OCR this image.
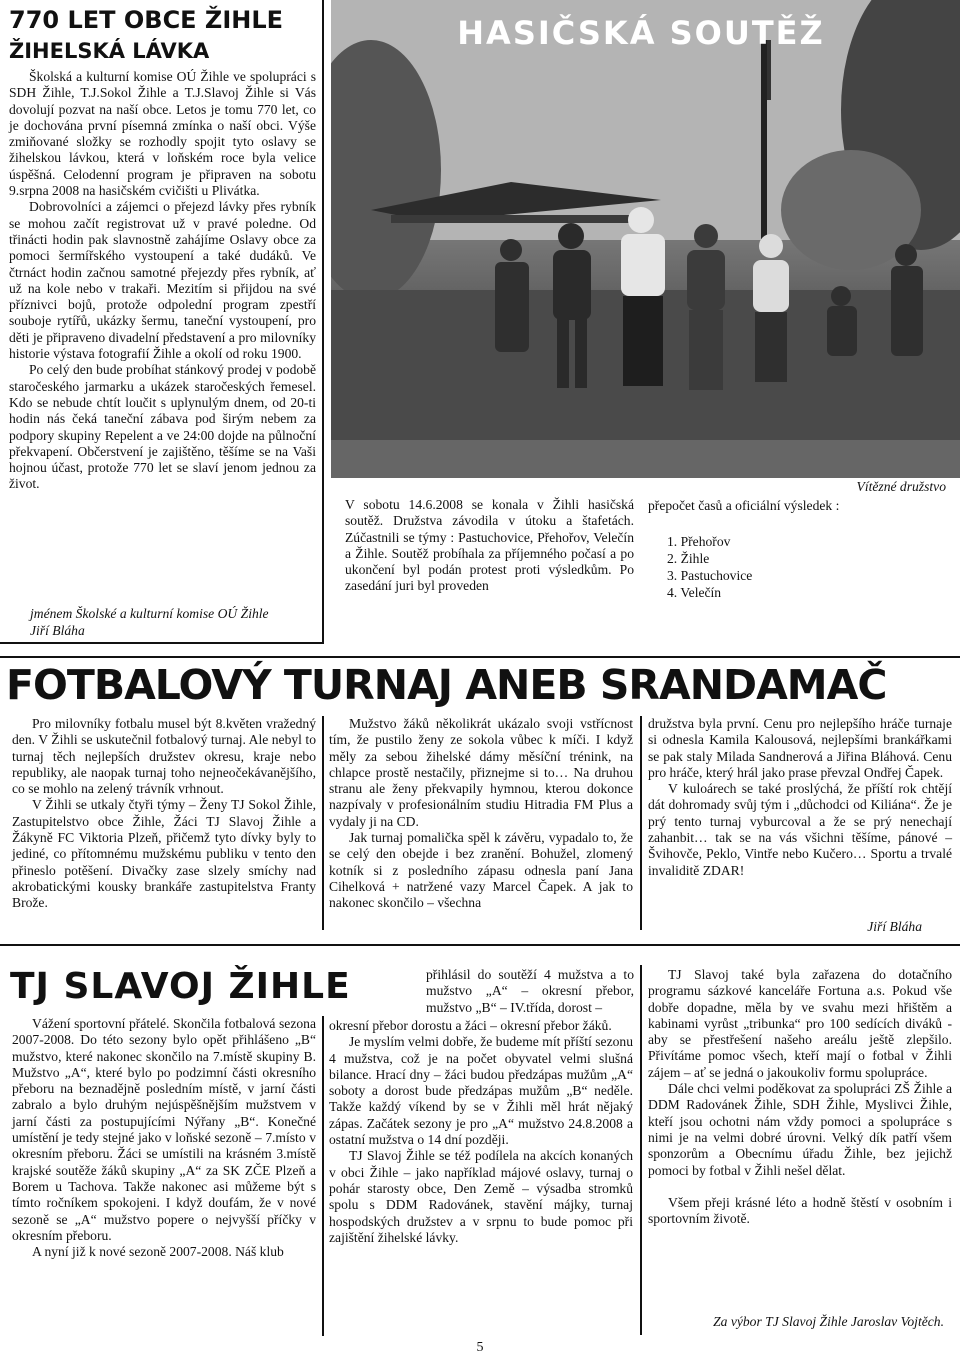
770 LET OBCE ŽIHLE
ŽIHELSKÁ LÁVKA

Školská a kulturní komise OÚ Žihle ve spolupráci s SDH Žihle, T.J.Sokol Žihle a T.J.Slavoj Žihle si Vás dovolují pozvat na naší obce. Letos je tomu 770 let, co je dochována první písemná zmínka o naší obci. Výše zmiňované složky se rozhodly spojit tyto oslavy se žihelskou lávkou, která v loňském roce byla velice úspěšná. Celodenní program je připraven na sobotu 9.srpna 2008 na hasičském cvičišti u Plivátka.

Dobrovolníci a zájemci o přejezd lávky přes rybník se mohou začít registrovat už v pravé poledne. Od třinácti hodin pak slavnostně zahájíme Oslavy obce za pomoci šermířského vystoupení a také dudáků. Ve čtrnáct hodin začnou samotné přejezdy přes rybník, ať už na kole nebo v trakaři. Mezitím si přijdou na své příznivci bojů, protože odpolední program zpestří souboje rytířů, ukázky šermu, taneční vystoupení, pro děti je připraveno divadelní představení a pro milovníky historie výstava fotografií Žihle a okolí od roku 1900.

Po celý den bude probíhat stánkový prodej v podobě staročeského jarmarku a ukázek staročeských řemesel. Kdo se nebude chtít loučit s uplynulým dnem, od 20-ti hodin nás čeká taneční zábava pod širým nebem za podpory skupiny Repelent a ve 24:00 dojde na půlnoční překvapení. Občerstvení je zajištěno, těšíme se na Vaši hojnou účast, protože 770 let se slaví jenom jednou za život.

jménem Školské a kulturní komise OÚ Žihle
Jiří Bláha
HASIČSKÁ SOUTĚŽ
Vítězné družstvo

V sobotu 14.6.2008 se konala v Žihli hasičská soutěž. Družstva závodila v útoku a štafetách. Zúčastnili se týmy : Pastuchovice, Přehořov, Velečín a Žihle. Soutěž probíhala za příjemného počasí a po ukončení byl podán protest proti výsledkům. Po zasedání juri byl proveden

přepočet časů a oficiální výsledek :
1. Přehořov
2. Žihle
3. Pastuchovice
4. Velečín
FOTBALOVÝ TURNAJ ANEB SRANDAMAČ

Pro milovníky fotbalu musel být 8.květen vražedný den. V Žihli se uskutečnil fotbalový turnaj. Ale nebyl to turnaj těch nejlepších družstev okresu, kraje nebo republiky, ale naopak turnaj toho nejneočekávanějšího, co se mohlo na zelený trávník vrhnout.

V Žihli se utkaly čtyři týmy – Ženy TJ Sokol Žihle, Zastupitelstvo obce Žihle, Žáci TJ Slavoj Žihle a Žákyně FC Viktoria Plzeň, přičemž tyto dívky byly to jediné, co přítomnému mužskému publiku v tento den přineslo potěšení. Divačky zase slzely smíchy nad akrobatickými kousky brankáře zastupitelstva Franty Brože.

Mužstvo žáků několikrát ukázalo svoji vstřícnost tím, že pustilo ženy ze sokola vůbec k míči. I když měly za sebou žihelské dámy měsíční trénink, na chlapce prostě nestačily, přiznejme si to… Na druhou stranu ale ženy překvapily hymnou, kterou dokonce nazpívaly v profesionálním studiu Hitradia FM Plus a vydaly ji na CD.

Jak turnaj pomalička spěl k závěru, vypadalo to, že se celý den obejde i bez zranění. Bohužel, zlomený kotník si z posledního zápasu odnesla paní Jana Cihelková + natržené vazy Marcel Čapek. A jak to nakonec skončilo – všechna

družstva byla první. Cenu pro nejlepšího hráče turnaje si odnesla Kamila Kalousová, nejlepšími brankářkami se pak staly Milada Sandnerová a Jiřina Bláhová. Cenu pro hráče, který hrál jako prase převzal Ondřej Čapek.

V kuloárech se také proslýchá, že příští rok chtějí dát dohromady svůj tým i „důchodci od Kiliána“. Že je prý tento turnaj vyburcoval a že se prý nenechají zahanbit… tak se na vás všichni těšíme, pánové – Švihovče, Peklo, Vintře nebo Kučero… Sportu a trvalé invaliditě ZDAR!

Jiří Bláha
TJ SLAVOJ ŽIHLE

Vážení sportovní přátelé. Skončila fotbalová sezona 2007-2008. Do této sezony bylo opět přihlášeno „B“ mužstvo, které nakonec skončilo na 7.místě skupiny B. Mužstvo „A“, které bylo po podzimní části okresního přeboru na beznadějně posledním místě, v jarní části zabralo a bylo druhým nejúspěšnějším mužstvem v jarní části za postupujícími Nýřany „B“. Konečné umístění je tedy stejné jako v loňské sezoně – 7.místo v okresním přeboru. Žáci se umístili na krásném 3.místě krajské soutěže žáků skupiny „A“ za SK ZČE Plzeň a Borem u Tachova. Takže nakonec asi můžeme být s tímto ročníkem spokojeni. I když doufám, že v nové sezoně se „A“ mužstvo popere o nejvyšší příčky v okresním přeboru.

A nyní již k nové sezoně 2007-2008. Náš klub

přihlásil do soutěží 4 mužstva a to mužstvo „A“ – okresní přebor, mužstvo „B“ – IV.třída, dorost –

okresní přebor dorostu a žáci – okresní přebor žáků.

Je myslím velmi dobře, že budeme mít příští sezonu 4 mužstva, což je na počet obyvatel velmi slušná bilance. Hrací dny – žáci budou předzápas mužům „A“ soboty a dorost bude předzápas mužům „B“ neděle. Takže každý víkend by se v Žihli měl hrát nějaký zápas. Začátek sezony je pro „A“ mužstvo 24.8.2008 a ostatní mužstva o 14 dní později.

TJ Slavoj Žihle se též podílela na akcích konaných v obci Žihle – jako například májové oslavy, turnaj o pohár starosty obce, Den Země – výsadba stromků spolu s DDM Radovánek, stavění májky, turnaj hospodských družstev a v srpnu to bude pomoc při zajištění žihelské lávky.

TJ Slavoj také byla zařazena do dotačního programu sázkové kanceláře Fortuna a.s. Pokud vše dobře dopadne, měla by ve svahu mezi hřištěm a kabinami vyrůst „tribunka“ pro 100 sedících diváků - aby se přestřešení našeho areálu ještě zlepšilo. Přivítáme pomoc všech, kteří mají o fotbal v Žihli zájem – ať se jedná o jakoukoliv formu spolupráce.

Dále chci velmi poděkovat za spolupráci ZŠ Žihle a DDM Radovánek Žihle, SDH Žihle, Myslivci Žihle, kteří jsou ochotni nám vždy pomoci a spolupráce s nimi je na velmi dobré úrovni. Velký dík patří všem sponzorům a Obecnímu úřadu Žihle, bez jejichž pomoci by fotbal v Žihli nešel dělat.

Všem přeji krásné léto a hodně štěstí v osobním i sportovním životě.

Za výbor TJ Slavoj Žihle Jaroslav Vojtěch.
5
